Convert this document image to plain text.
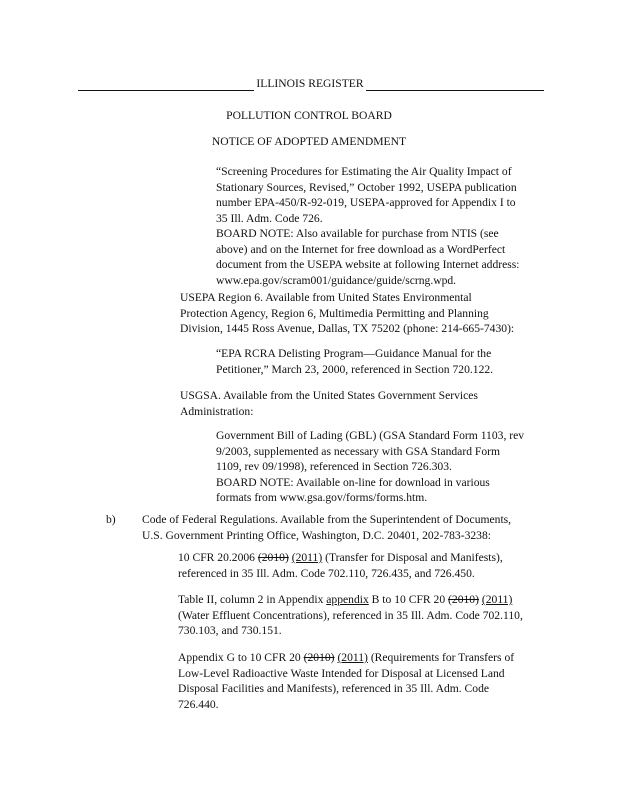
ILLINOIS REGISTER
POLLUTION CONTROL BOARD
NOTICE OF ADOPTED AMENDMENT
“Screening Procedures for Estimating the Air Quality Impact of
Stationary Sources, Revised,” October 1992, USEPA publication
number EPA-450/R-92-019, USEPA-approved for Appendix I to
35 Ill. Adm. Code 726.
BOARD NOTE: Also available for purchase from NTIS (see
above) and on the Internet for free download as a WordPerfect
document from the USEPA website at following Internet address:
www.epa.gov/scram001/guidance/guide/scrng.wpd.
USEPA Region 6. Available from United States Environmental
Protection Agency, Region 6, Multimedia Permitting and Planning
Division, 1445 Ross Avenue, Dallas, TX 75202 (phone: 214-665-7430):
“EPA RCRA Delisting Program—Guidance Manual for the
Petitioner,” March 23, 2000, referenced in Section 720.122.
USGSA. Available from the United States Government Services
Administration:
Government Bill of Lading (GBL) (GSA Standard Form 1103, rev
9/2003, supplemented as necessary with GSA Standard Form
1109, rev 09/1998), referenced in Section 726.303.
BOARD NOTE: Available on-line for download in various
formats from www.gsa.gov/forms/forms.htm.
b)	Code of Federal Regulations. Available from the Superintendent of Documents,
U.S. Government Printing Office, Washington, D.C. 20401, 202-783-3238:
10 CFR 20.2006 (2010) (2011) (Transfer for Disposal and Manifests),
referenced in 35 Ill. Adm. Code 702.110, 726.435, and 726.450.
Table II, column 2 in Appendix appendix B to 10 CFR 20 (2010) (2011)
(Water Effluent Concentrations), referenced in 35 Ill. Adm. Code 702.110,
730.103, and 730.151.
Appendix G to 10 CFR 20 (2010) (2011) (Requirements for Transfers of
Low-Level Radioactive Waste Intended for Disposal at Licensed Land
Disposal Facilities and Manifests), referenced in 35 Ill. Adm. Code
726.440.
